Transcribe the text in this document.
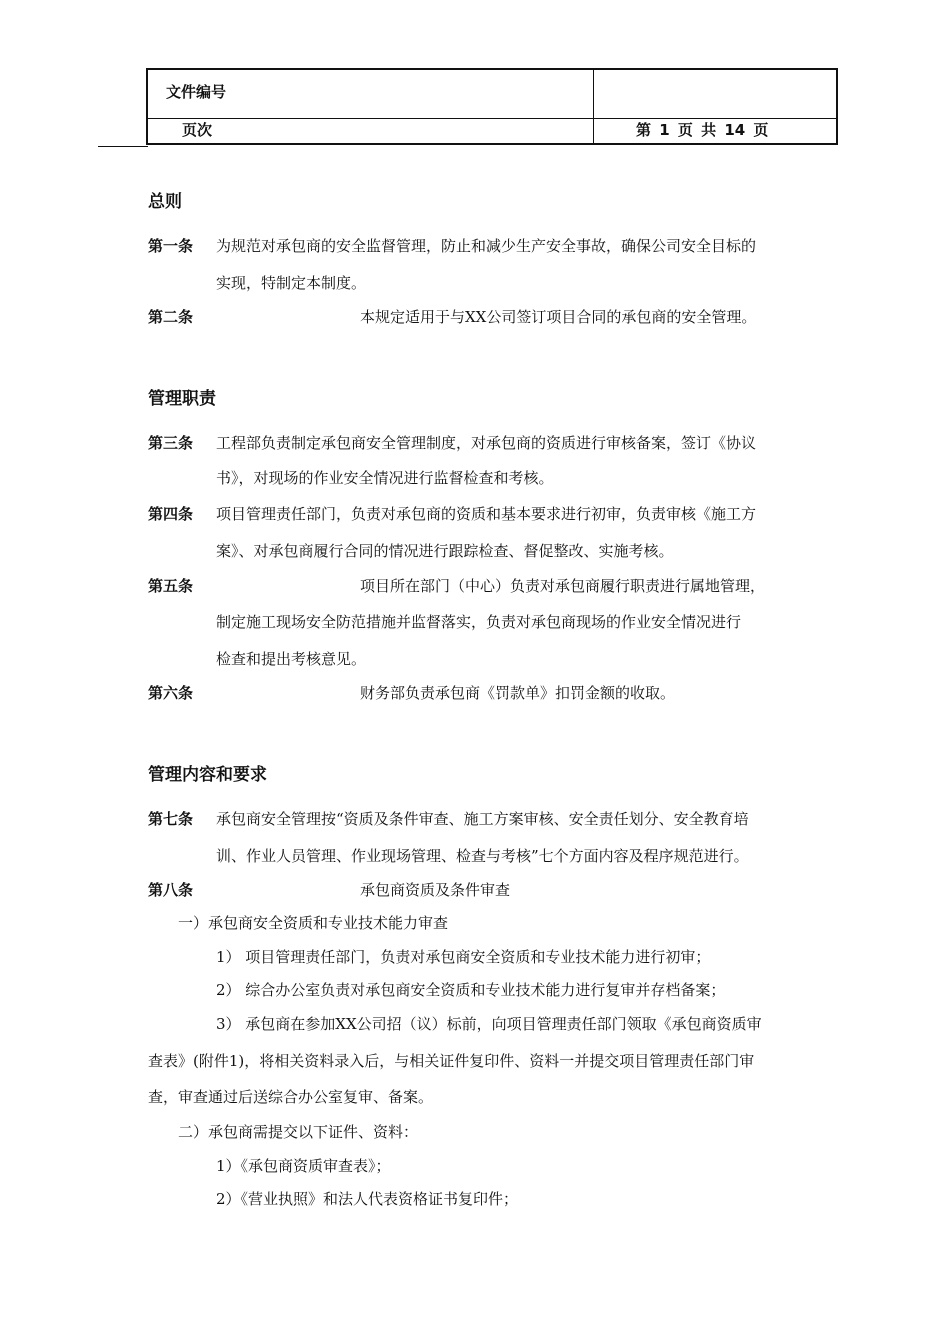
文件编号
页次	第 1 页 共 14 页
总则
第一条 为规范对承包商的安全监督管理，防止和减少生产安全事故，确保公司安全目标的
实现，特制定本制度。
第二条	本规定适用于与XX公司签订项目合同的承包商的安全管理。
管理职责
第三条 工程部负责制定承包商安全管理制度，对承包商的资质进行审核备案，签订《协议
书》，对现场的作业安全情况进行监督检查和考核。
第四条 项目管理责任部门，负责对承包商的资质和基本要求进行初审，负责审核《施工方
案》、对承包商履行合同的情况进行跟踪检查、督促整改、实施考核。
第五条	项目所在部门（中心）负责对承包商履行职责进行属地管理，
制定施工现场安全防范措施并监督落实，负责对承包商现场的作业安全情况进行
检查和提出考核意见。
第六条	财务部负责承包商《罚款单》扣罚金额的收取。
管理内容和要求
第七条 承包商安全管理按“资质及条件审查、施工方案审核、安全责任划分、安全教育培
训、作业人员管理、作业现场管理、检查与考核”七个方面内容及程序规范进行。
第八条	承包商资质及条件审查
一）承包商安全资质和专业技术能力审查
1） 项目管理责任部门，负责对承包商安全资质和专业技术能力进行初审；
2） 综合办公室负责对承包商安全资质和专业技术能力进行复审并存档备案；
3） 承包商在参加XX公司招（议）标前，向项目管理责任部门领取《承包商资质审
查表》(附件1)，将相关资料录入后，与相关证件复印件、资料一并提交项目管理责任部门审
查，审查通过后送综合办公室复审、备案。
二）承包商需提交以下证件、资料：
1）《承包商资质审查表》；
2）《营业执照》和法人代表资格证书复印件；
